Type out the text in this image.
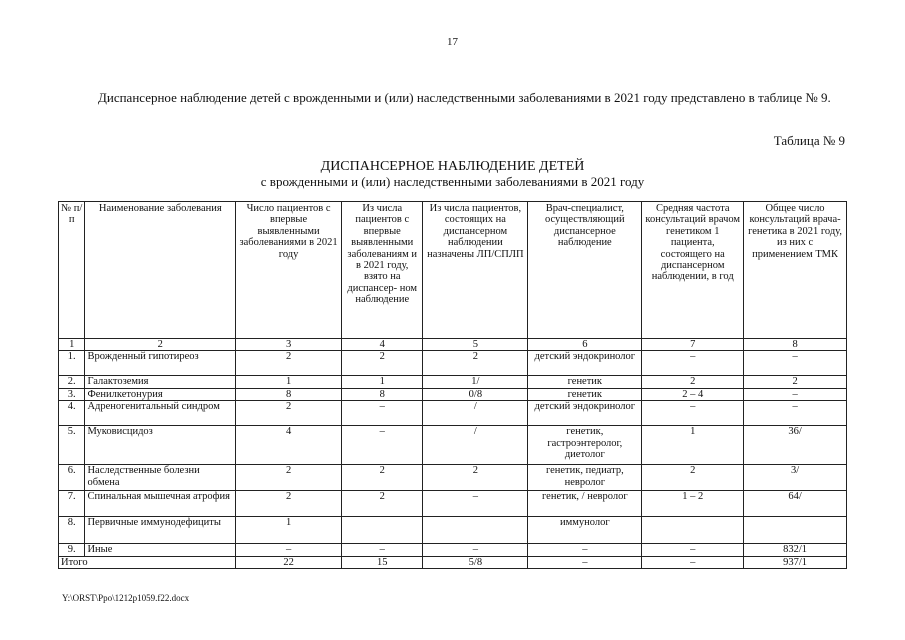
17
Диспансерное наблюдение детей с врожденными и (или) наследственными заболеваниями в 2021 году представлено в таблице № 9.
Таблица № 9
ДИСПАНСЕРНОЕ НАБЛЮДЕНИЕ ДЕТЕЙ
с врожденными и (или) наследственными заболеваниями в 2021 году
№ п/п	Наименование заболевания	Число пациентов с впервые выявленными заболеваниями в 2021 году	Из числа пациентов с впервые выявленными заболеваниям и в 2021 году, взято на диспансер- ном наблюдение	Из числа пациентов, состоящих на диспансерном наблюдении назначены ЛП/СПЛП	Врач-специалист, осуществляющий диспансерное наблюдение	Средняя частота консультаций врачом генетиком 1 пациента, состоящего на диспансерном наблюдении, в год	Общее число консультаций врача-генетика в 2021 году, из них с применением ТМК
1	2	3	4	5	6	7	8
1.	Врожденный гипотиреоз	2	2	2	детский эндокринолог	–	–
2.	Галактоземия	1	1	1/	генетик	2	2
3.	Фенилкетонурия	8	8	0/8	генетик	2 – 4	–
4.	Адреногенитальный синдром	2	–	/	детский эндокринолог	–	–
5.	Муковисцидоз	4	–	/	генетик, гастроэнтеролог, диетолог	1	36/
6.	Наследственные болезни обмена	2	2	2	генетик, педиатр, невролог	2	3/
7.	Спинальная мышечная атрофия	2	2	–	генетик, / невролог	1 – 2	64/
8.	Первичные иммунодефициты	1			иммунолог		
9.	Иные	–	–	–	–	–	832/1
Итого		22	15	5/8	–	–	937/1
Y:\ORST\Ppo\1212p1059.f22.docx
